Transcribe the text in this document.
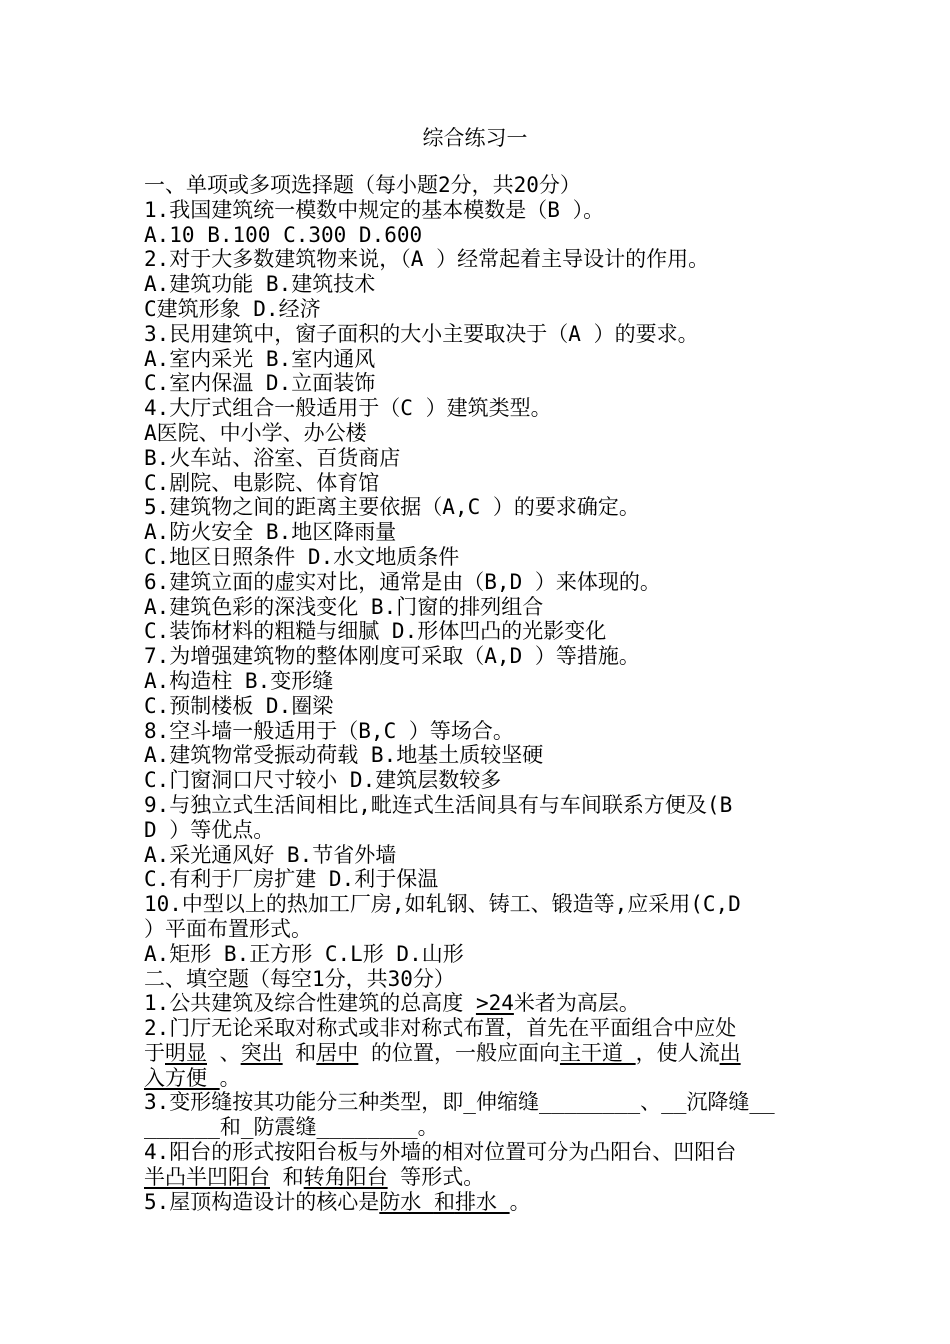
综合练习一
一、单项或多项选择题（每小题2分，共20分）
1.我国建筑统一模数中规定的基本模数是（B ）。
A.10 B.100 C.300 D.600
2.对于大多数建筑物来说，（A ）经常起着主导设计的作用。
A.建筑功能 B.建筑技术
C建筑形象 D.经济
3.民用建筑中，窗子面积的大小主要取决于（A ）的要求。
A.室内采光 B.室内通风
C.室内保温 D.立面装饰
4.大厅式组合一般适用于（C ）建筑类型。
A医院、中小学、办公楼
B.火车站、浴室、百货商店
C.剧院、电影院、体育馆
5.建筑物之间的距离主要依据（A,C ）的要求确定。
A.防火安全 B.地区降雨量
C.地区日照条件 D.水文地质条件
6.建筑立面的虚实对比，通常是由（B,D ）来体现的。
A.建筑色彩的深浅变化 B.门窗的排列组合
C.装饰材料的粗糙与细腻 D.形体凹凸的光影变化
7.为增强建筑物的整体刚度可采取（A,D ）等措施。
A.构造柱 B.变形缝
C.预制楼板 D.圈梁
8.空斗墙一般适用于（B,C ）等场合。
A.建筑物常受振动荷载 B.地基土质较坚硬
C.门窗洞口尺寸较小 D.建筑层数较多
9.与独立式生活间相比,毗连式生活间具有与车间联系方便及(B
D ）等优点。
A.采光通风好 B.节省外墙
C.有利于厂房扩建 D.利于保温
10.中型以上的热加工厂房,如轧钢、铸工、锻造等,应采用(C,D
）平面布置形式。
A.矩形 B.正方形 C.L形 D.山形
二、填空题（每空1分，共30分）
1.公共建筑及综合性建筑的总高度 >24米者为高层。
2.门厅无论采取对称式或非对称式布置，首先在平面组合中应处
于明显 、突出 和居中 的位置，一般应面向主干道 ，使人流出
入方便 。
3.变形缝按其功能分三种类型，即_伸缩缝________、__沉降缝__
______和_防震缝________。
4.阳台的形式按阳台板与外墙的相对位置可分为凸阳台、凹阳台
半凸半凹阳台 和转角阳台 等形式。
5.屋顶构造设计的核心是防水 和排水 。
